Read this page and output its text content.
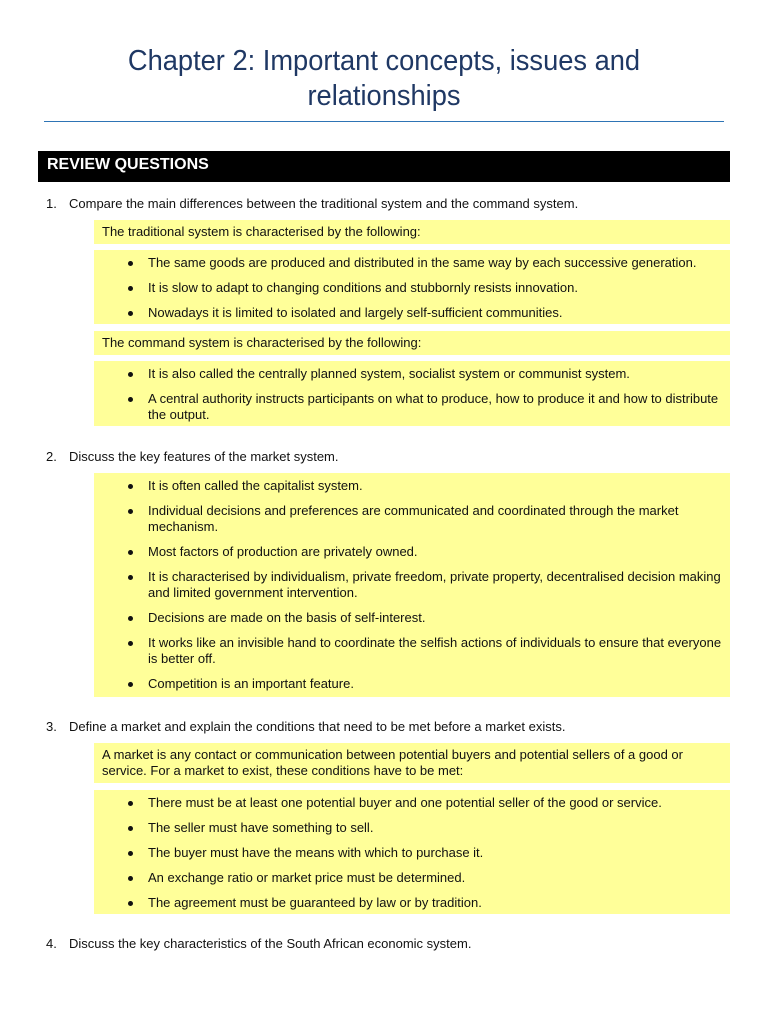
Chapter 2: Important concepts, issues and
relationships
REVIEW QUESTIONS
1. Compare the main differences between the traditional system and the command system.
The traditional system is characterised by the following:
The same goods are produced and distributed in the same way by each successive generation.
It is slow to adapt to changing conditions and stubbornly resists innovation.
Nowadays it is limited to isolated and largely self-sufficient communities.
The command system is characterised by the following:
It is also called the centrally planned system, socialist system or communist system.
A central authority instructs participants on what to produce, how to produce it and how to distribute the output.
2. Discuss the key features of the market system.
It is often called the capitalist system.
Individual decisions and preferences are communicated and coordinated through the market mechanism.
Most factors of production are privately owned.
It is characterised by individualism, private freedom, private property, decentralised decision making and limited government intervention.
Decisions are made on the basis of self-interest.
It works like an invisible hand to coordinate the selfish actions of individuals to ensure that everyone is better off.
Competition is an important feature.
3. Define a market and explain the conditions that need to be met before a market exists.
A market is any contact or communication between potential buyers and potential sellers of a good or service. For a market to exist, these conditions have to be met:
There must be at least one potential buyer and one potential seller of the good or service.
The seller must have something to sell.
The buyer must have the means with which to purchase it.
An exchange ratio or market price must be determined.
The agreement must be guaranteed by law or by tradition.
4. Discuss the key characteristics of the South African economic system.
